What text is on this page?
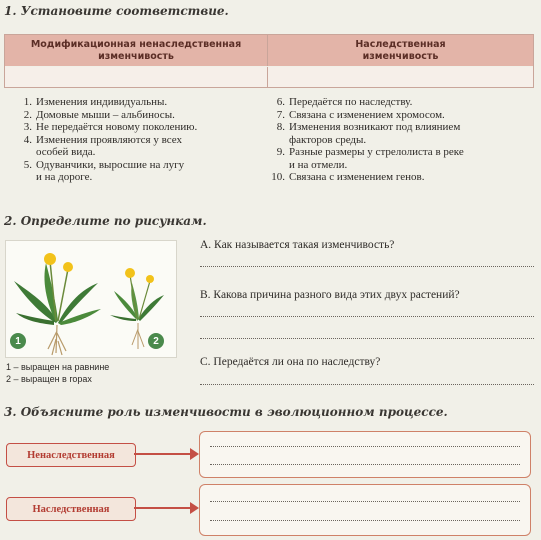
1. Установите соответствие.
Модификационная ненаследственная
изменчивость
Наследственная
изменчивость
1. Изменения индивидуальны.
2. Домовые мыши – альбиносы.
3. Не передаётся новому поколению.
4. Изменения проявляются у всех
особей вида.
5. Одуванчики, выросшие на лугу
и на дороге.
6. Передаётся по наследству.
7. Связана с изменением хромосом.
8. Изменения возникают под влиянием
факторов среды.
9. Разные размеры у стрелолиста в реке
и на отмели.
10. Связана с изменением генов.
2. Определите по рисункам.
1	2
1 – выращен на равнине
2 – выращен в горах
A. Как называется такая изменчивость?
B. Какова причина разного вида этих двух растений?
C. Передаётся ли она по наследству?
3. Объясните роль изменчивости в эволюционном процессе.
Ненаследственная
Наследственная
